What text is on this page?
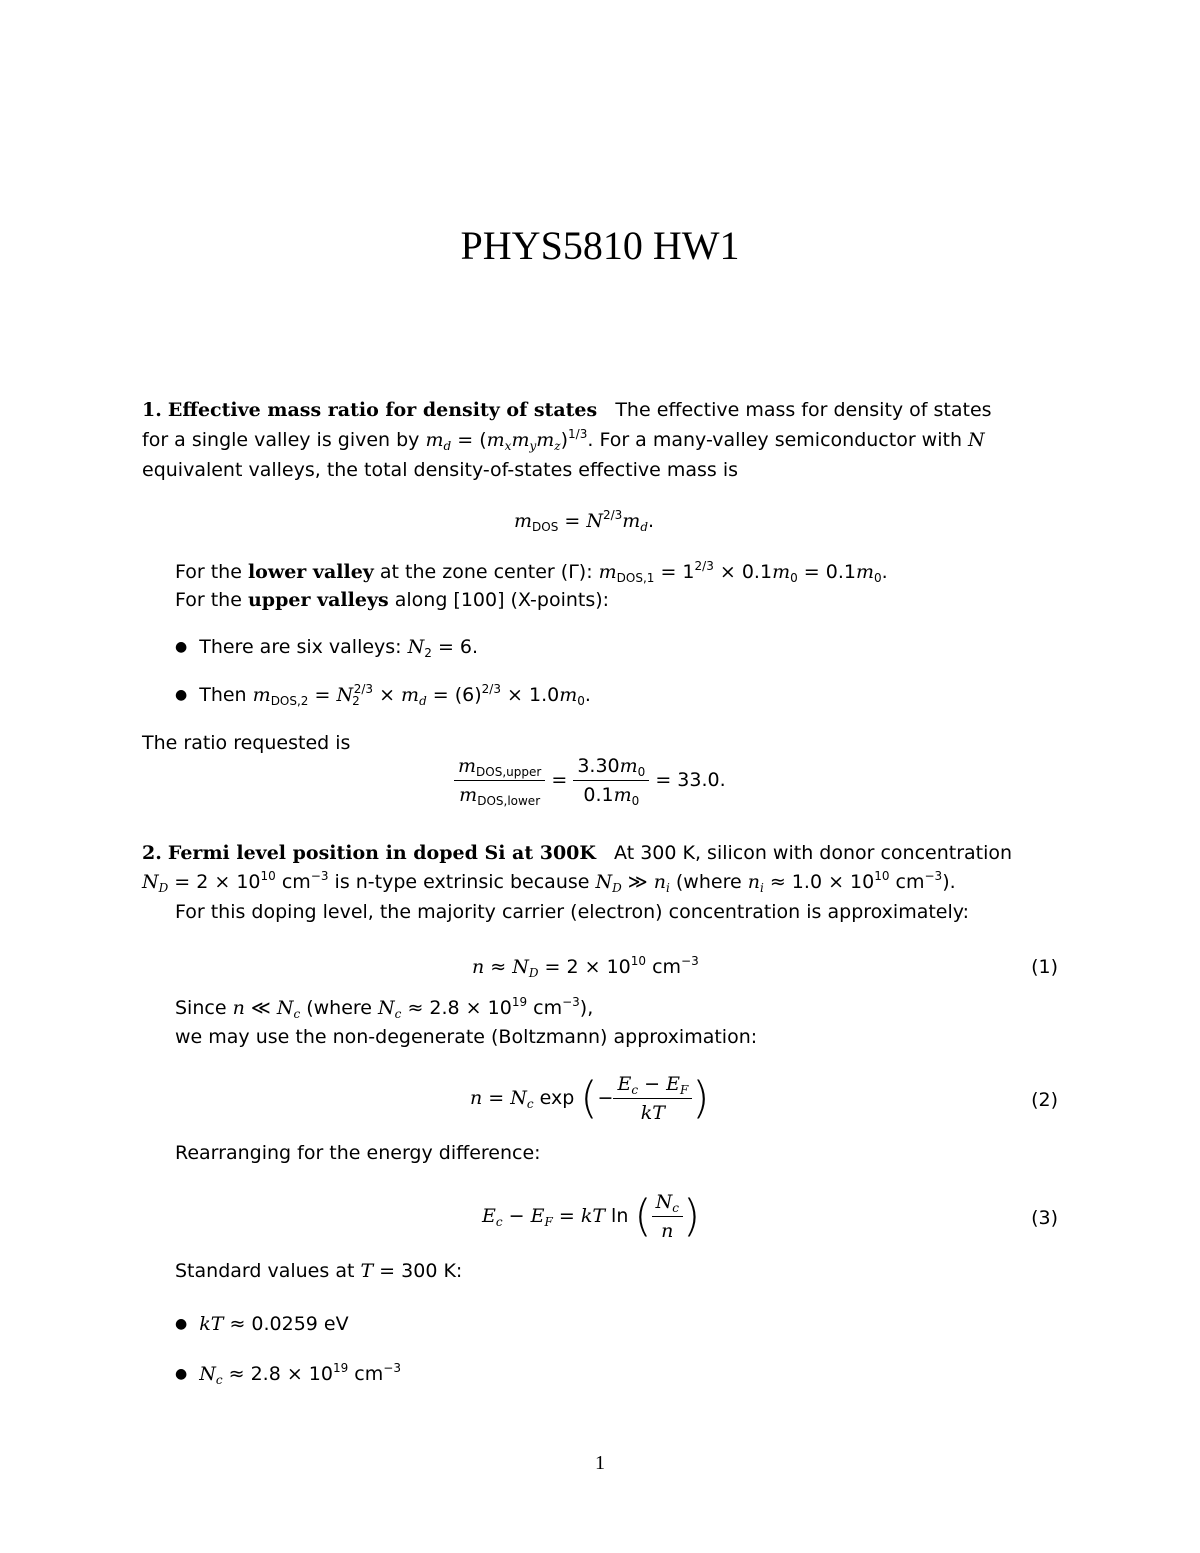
PHYS5810 HW1
1. Effective mass ratio for density of states The effective mass for density of states
for a single valley is given by $m_d = (m_xm_ym_z)^{1/3}$. For a many-valley semiconductor with N
equivalent valleys, the total density-of-states effective mass is
$m_{DOS} = N^{2/3}m_d$.
For the lower valley at the zone center (Γ): $m_{DOS,1} = 1^{2/3} \times 0.1m_0 = 0.1m_0$.
For the upper valleys along [100] (X-points):
● There are six valleys: $N_2 = 6$.
● Then $m_{DOS,2} = N_2^{2/3} \times m_d = (6)^{2/3} \times 1.0m_0$.
The ratio requested is
$\frac{m_{DOS,upper}}{m_{DOS,lower}} = \frac{3.30m_0}{0.1m_0} = 33.0$.
2. Fermi level position in doped Si at 300K At 300 K, silicon with donor concentration
$N_D = 2 \times 10^{10}$ $cm^{-3}$ is n-type extrinsic because $N_D$ ≫ $n_i$ (where $n_i \approx 1.0 \times 10^{10}$ $cm^{-3}$).
For this doping level, the majority carrier (electron) concentration is approximately:
$n \approx N_D = 2 \times 10^{10}$ $cm^{-3}$	(1)
Since n ≪ $N_c$ (where $N_c \approx 2.8 \times 10^{19}$ $cm^{-3}$),
we may use the non-degenerate (Boltzmann) approximation:
$n = N_c$ exp (− $\frac{E_c - E_F}{kT}$ )	(2)
Rearranging for the energy difference:
$E_c - E_F$ = kT ln ( $\frac{N_c}{n}$ )	(3)
Standard values at T = 300 K:
● kT ≈ 0.0259 eV
● $N_c \approx 2.8 \times 10^{19}$ $cm^{-3}$
1
